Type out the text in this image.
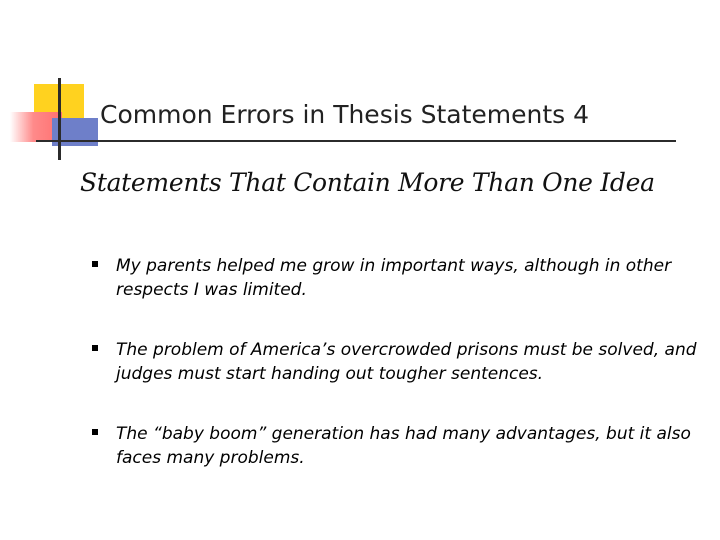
Common Errors in Thesis Statements 4
Statements That Contain More Than One Idea
My parents helped me grow in important ways, although in other respects I was limited.
The problem of America’s overcrowded prisons must be solved, and judges must start handing out tougher sentences.
The “baby boom” generation has had many advantages, but it also faces many problems.
